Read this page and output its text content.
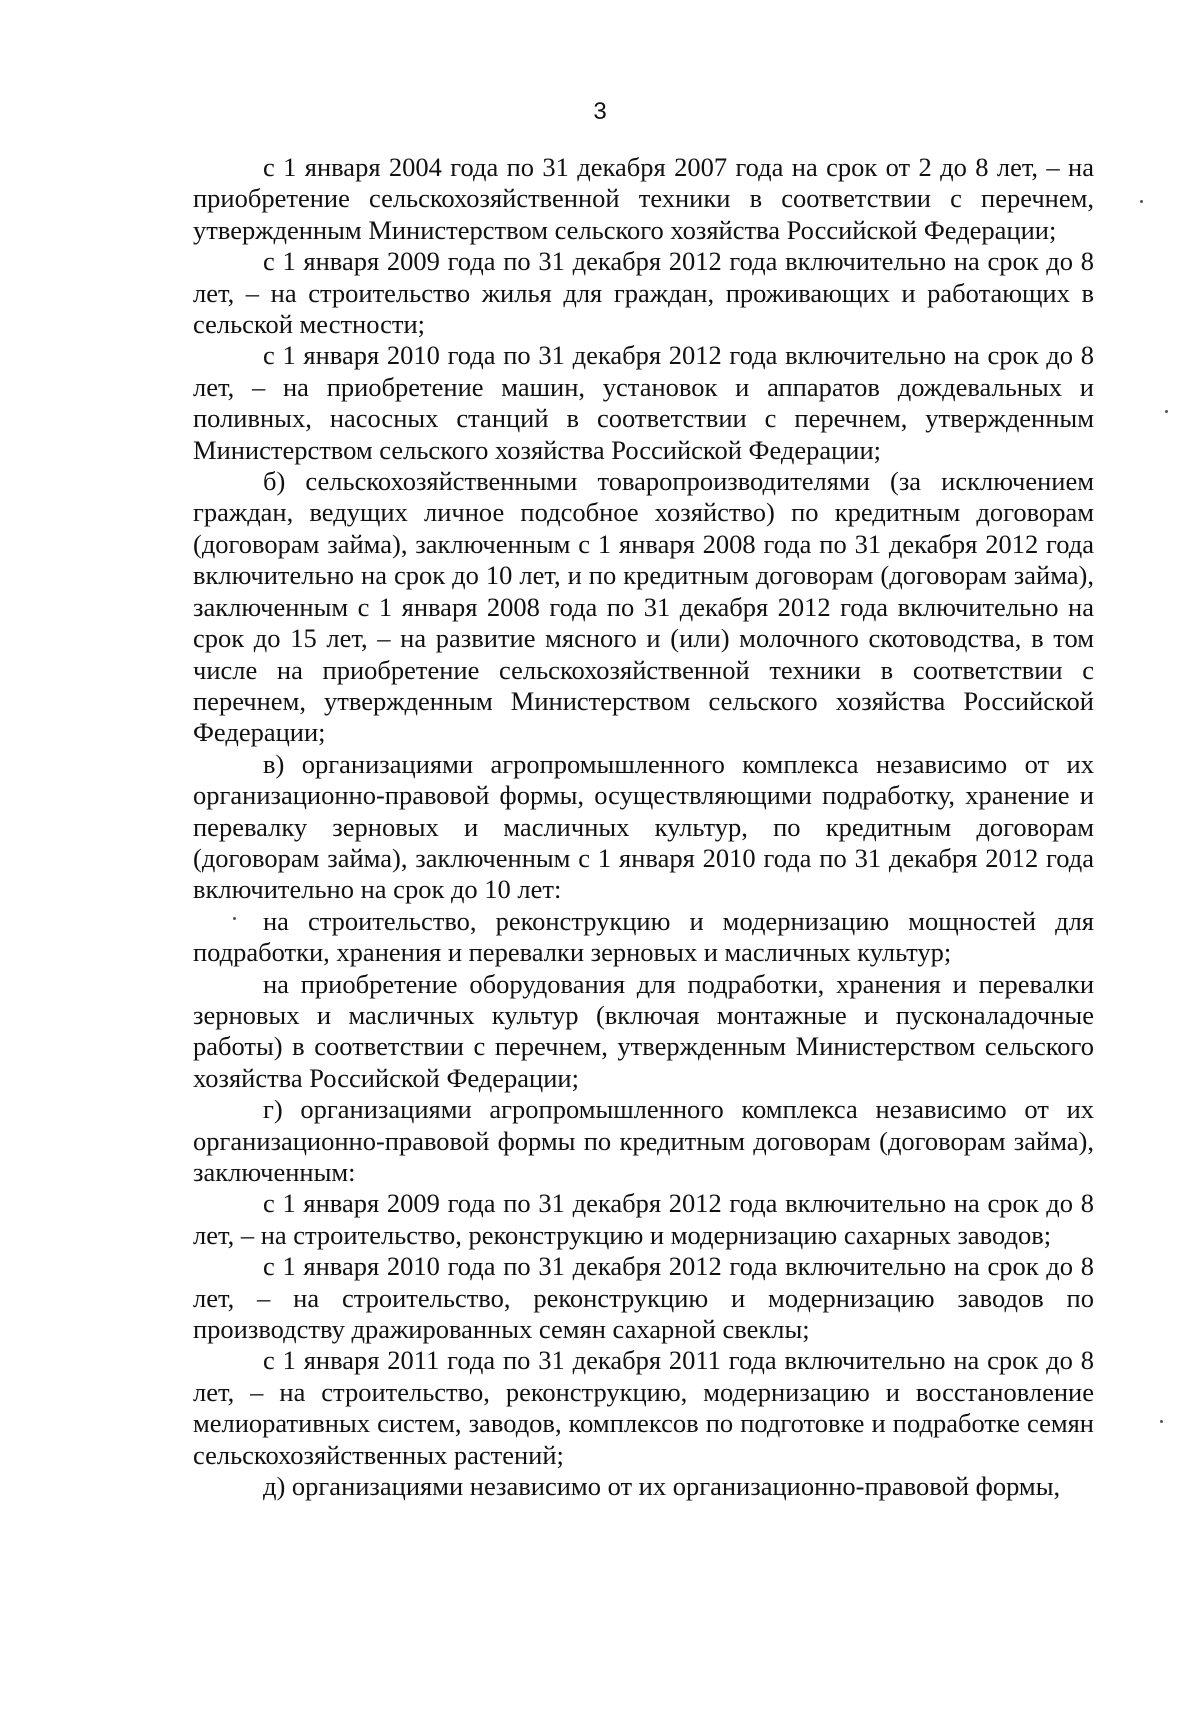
3

с 1 января 2004 года по 31 декабря 2007 года на срок от 2 до 8 лет, – на приобретение сельскохозяйственной техники в соответствии с перечнем, утвержденным Министерством сельского хозяйства Российской Федерации;

с 1 января 2009 года по 31 декабря 2012 года включительно на срок до 8 лет, – на строительство жилья для граждан, проживающих и работающих в сельской местности;

с 1 января 2010 года по 31 декабря 2012 года включительно на срок до 8 лет, – на приобретение машин, установок и аппаратов дождевальных и поливных, насосных станций в соответствии с перечнем, утвержденным Министерством сельского хозяйства Российской Федерации;

б) сельскохозяйственными товаропроизводителями (за исключением граждан, ведущих личное подсобное хозяйство) по кредитным договорам (договорам займа), заключенным с 1 января 2008 года по 31 декабря 2012 года включительно на срок до 10 лет, и по кредитным договорам (договорам займа), заключенным с 1 января 2008 года по 31 декабря 2012 года включительно на срок до 15 лет, – на развитие мясного и (или) молочного скотоводства, в том числе на приобретение сельскохозяйственной техники в соответствии с перечнем, утвержденным Министерством сельского хозяйства Российской Федерации;

в) организациями агропромышленного комплекса независимо от их организационно-правовой формы, осуществляющими подработку, хранение и перевалку зерновых и масличных культур, по кредитным договорам (договорам займа), заключенным с 1 января 2010 года по 31 декабря 2012 года включительно на срок до 10 лет:

на строительство, реконструкцию и модернизацию мощностей для подработки, хранения и перевалки зерновых и масличных культур;

на приобретение оборудования для подработки, хранения и перевалки зерновых и масличных культур (включая монтажные и пусконаладочные работы) в соответствии с перечнем, утвержденным Министерством сельского хозяйства Российской Федерации;

г) организациями агропромышленного комплекса независимо от их организационно-правовой формы по кредитным договорам (договорам займа), заключенным:

с 1 января 2009 года по 31 декабря 2012 года включительно на срок до 8 лет, – на строительство, реконструкцию и модернизацию сахарных заводов;

с 1 января 2010 года по 31 декабря 2012 года включительно на срок до 8 лет, – на строительство, реконструкцию и модернизацию заводов по производству дражированных семян сахарной свеклы;

с 1 января 2011 года по 31 декабря 2011 года включительно на срок до 8 лет, – на строительство, реконструкцию, модернизацию и восстановление мелиоративных систем, заводов, комплексов по подготовке и подработке семян сельскохозяйственных растений;

д) организациями независимо от их организационно-правовой формы,
